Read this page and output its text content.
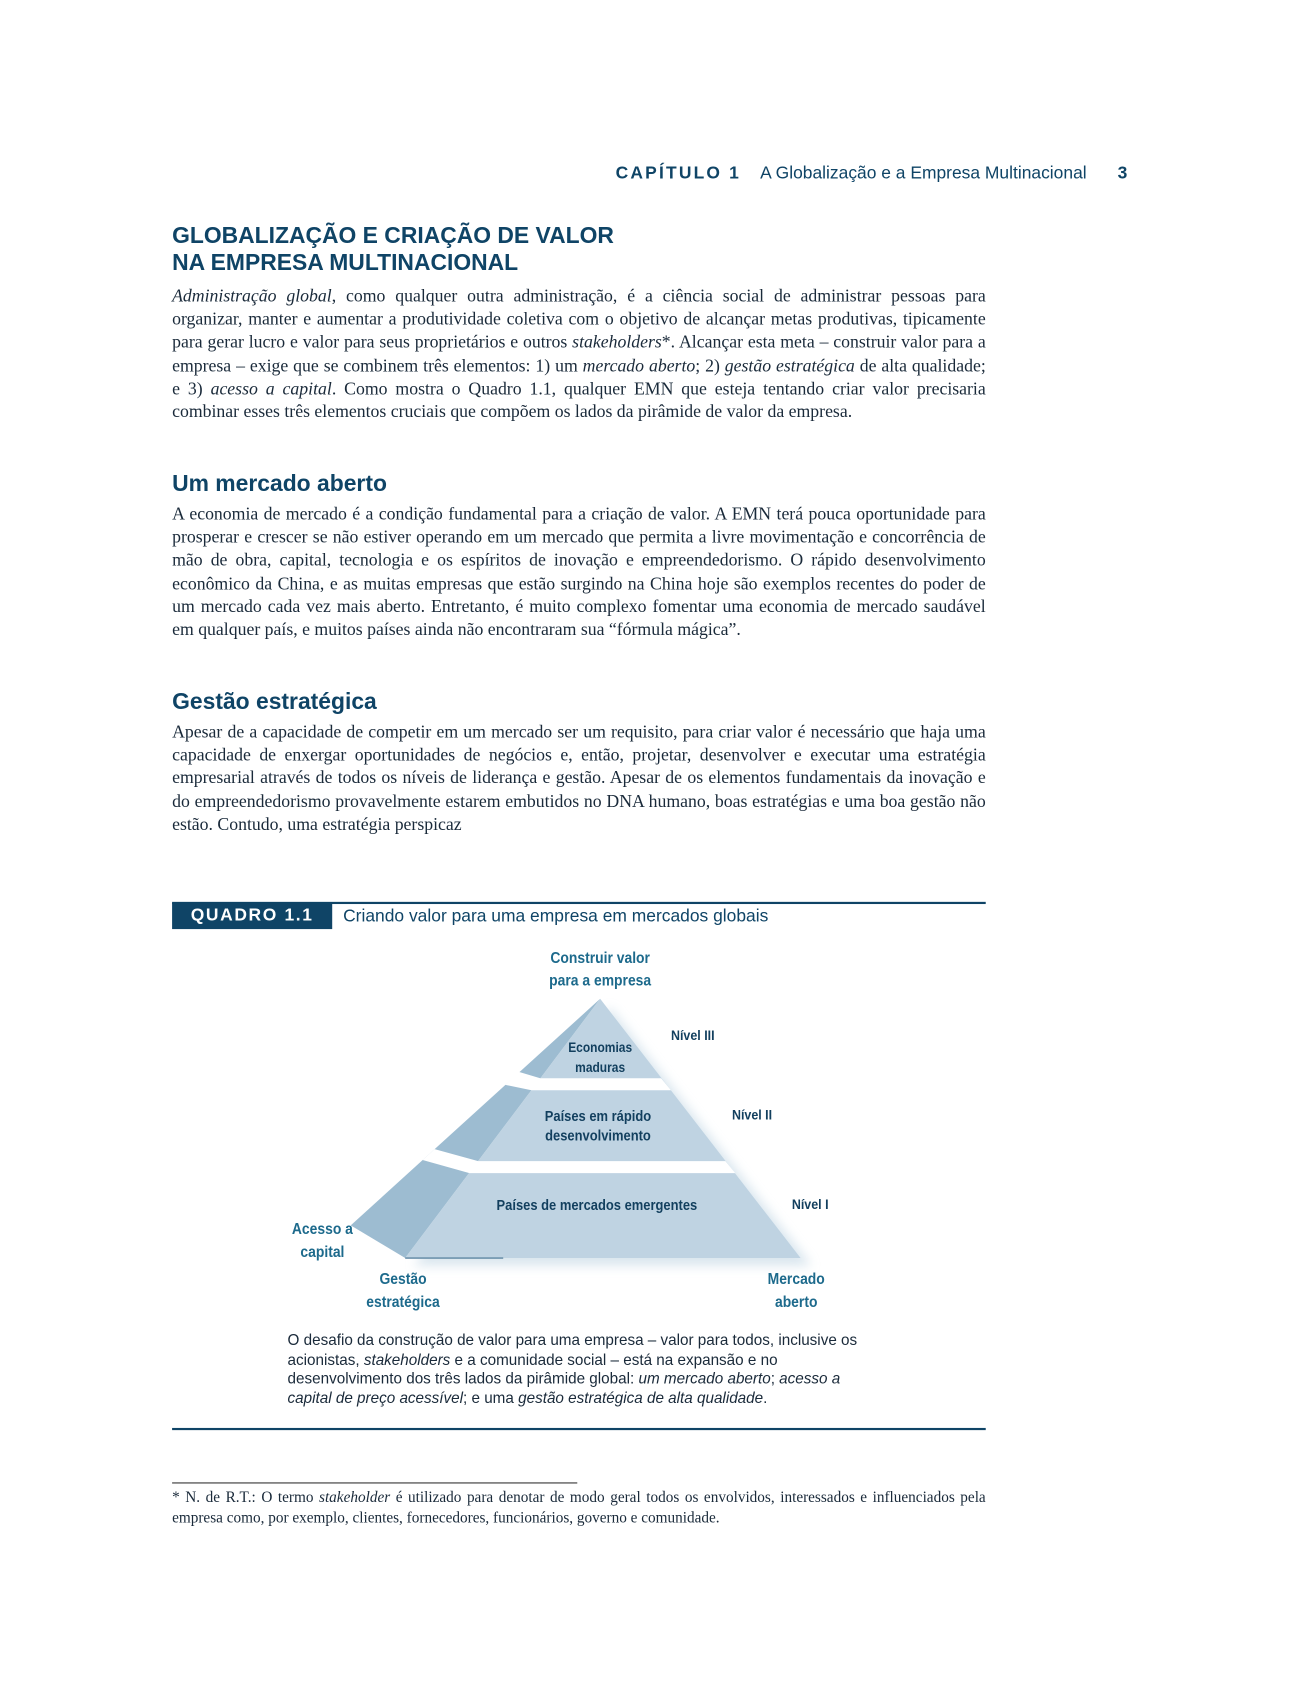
CAPÍTULO 1 A Globalização e a Empresa Multinacional 3
GLOBALIZAÇÃO E CRIAÇÃO DE VALOR
NA EMPRESA MULTINACIONAL
Administração global, como qualquer outra administração, é a ciência social de administrar pessoas para organizar, manter e aumentar a produtividade coletiva com o objetivo de alcançar metas produtivas, tipicamente para gerar lucro e valor para seus proprietários e outros stakeholders*. Alcançar esta meta – construir valor para a empresa – exige que se combinem três elementos: 1) um mercado aberto; 2) gestão estratégica de alta qualidade; e 3) acesso a capital. Como mostra o Quadro 1.1, qualquer EMN que esteja tentando criar valor precisaria combinar esses três elementos cruciais que compõem os lados da pirâmide de valor da empresa.
Um mercado aberto
A economia de mercado é a condição fundamental para a criação de valor. A EMN terá pouca oportunidade para prosperar e crescer se não estiver operando em um mercado que permita a livre movimentação e concorrência de mão de obra, capital, tecnologia e os espíritos de inovação e empreendedorismo. O rápido desenvolvimento econômico da China, e as muitas empresas que estão surgindo na China hoje são exemplos recentes do poder de um mercado cada vez mais aberto. Entretanto, é muito complexo fomentar uma economia de mercado saudável em qualquer país, e muitos países ainda não encontraram sua “fórmula mágica”.
Gestão estratégica
Apesar de a capacidade de competir em um mercado ser um requisito, para criar valor é necessário que haja uma capacidade de enxergar oportunidades de negócios e, então, projetar, desenvolver e executar uma estratégia empresarial através de todos os níveis de liderança e gestão. Apesar de os elementos fundamentais da inovação e do empreendedorismo provavelmente estarem embutidos no DNA humano, boas estratégias e uma boa gestão não estão. Contudo, uma estratégia perspicaz
QUADRO 1.1	Criando valor para uma empresa em mercados globais
Construir valor
para a empresa
Economias
maduras
Países em rápido
desenvolvimento
Países de mercados emergentes
Nível III
Nível II
Nível I
Acesso a
capital
Gestão
estratégica
Mercado
aberto
O desafio da construção de valor para uma empresa – valor para todos, inclusive os acionistas, stakeholders e a comunidade social – está na expansão e no desenvolvimento dos três lados da pirâmide global: um mercado aberto; acesso a capital de preço acessível; e uma gestão estratégica de alta qualidade.
* N. de R.T.: O termo stakeholder é utilizado para denotar de modo geral todos os envolvidos, interessados e influenciados pela empresa como, por exemplo, clientes, fornecedores, funcionários, governo e comunidade.
